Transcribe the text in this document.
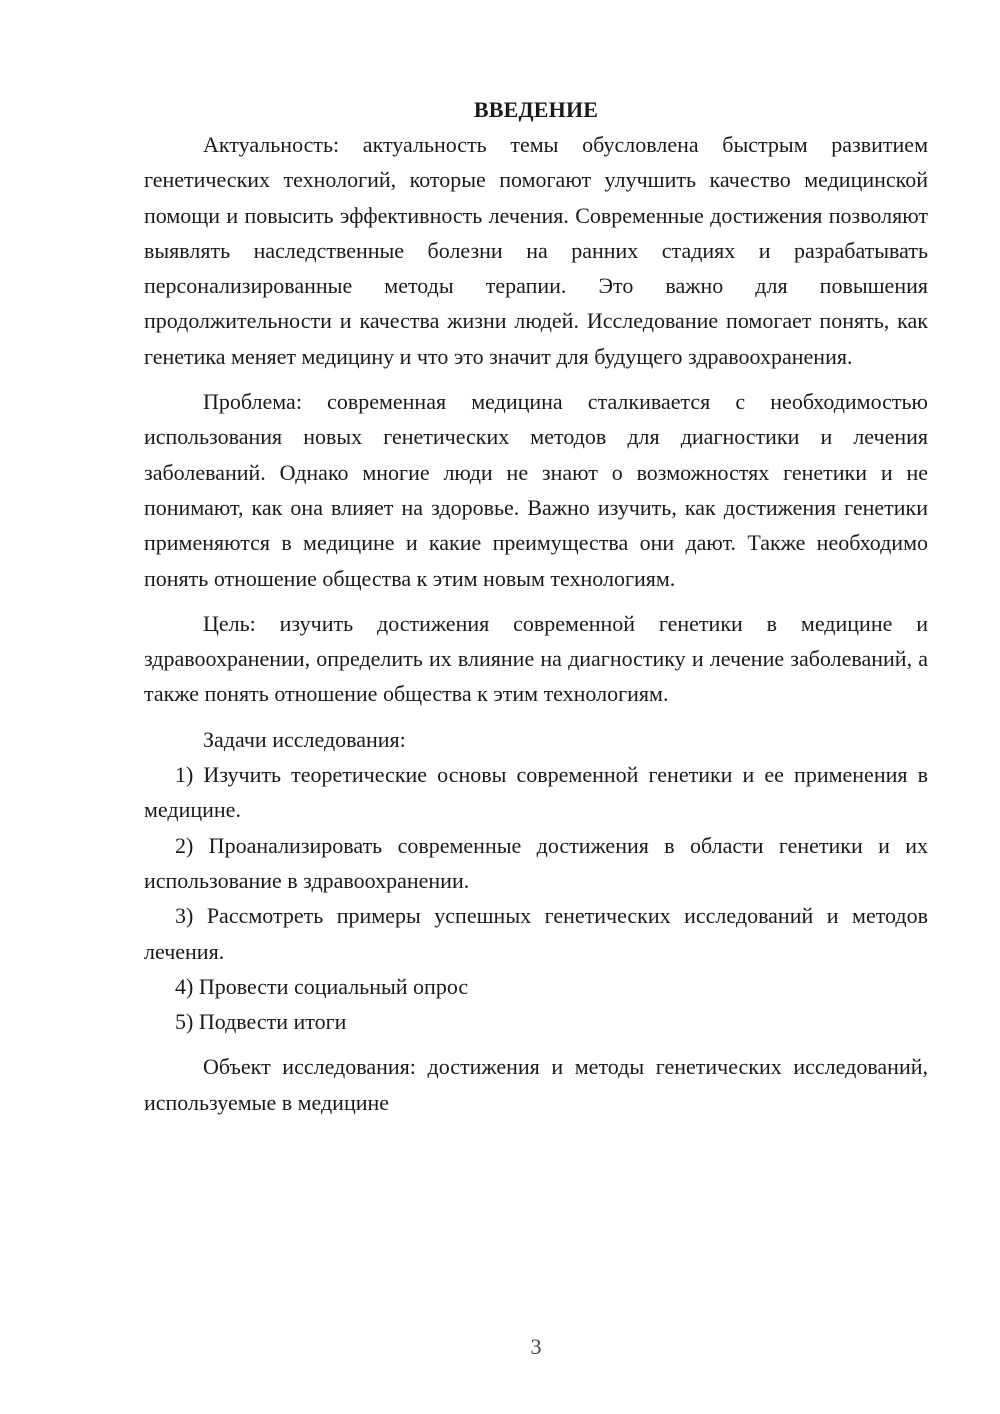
ВВЕДЕНИЕ

Актуальность: актуальность темы обусловлена быстрым развитием генетических технологий, которые помогают улучшить качество медицинской помощи и повысить эффективность лечения. Современные достижения позволяют выявлять наследственные болезни на ранних стадиях и разрабатывать персонализированные методы терапии. Это важно для повышения продолжительности и качества жизни людей. Исследование помогает понять, как генетика меняет медицину и что это значит для будущего здравоохранения.

Проблема: современная медицина сталкивается с необходимостью использования новых генетических методов для диагностики и лечения заболеваний. Однако многие люди не знают о возможностях генетики и не понимают, как она влияет на здоровье. Важно изучить, как достижения генетики применяются в медицине и какие преимущества они дают. Также необходимо понять отношение общества к этим новым технологиям.

Цель: изучить достижения современной генетики в медицине и здравоохранении, определить их влияние на диагностику и лечение заболеваний, а также понять отношение общества к этим технологиям.

Задачи исследования:

1) Изучить теоретические основы современной генетики и ее применения в медицине.

2) Проанализировать современные достижения в области генетики и их использование в здравоохранении.

3) Рассмотреть примеры успешных генетических исследований и методов лечения.

4) Провести социальный опрос

5) Подвести итоги

Объект исследования: достижения и методы генетических исследований, используемые в медицине

3
